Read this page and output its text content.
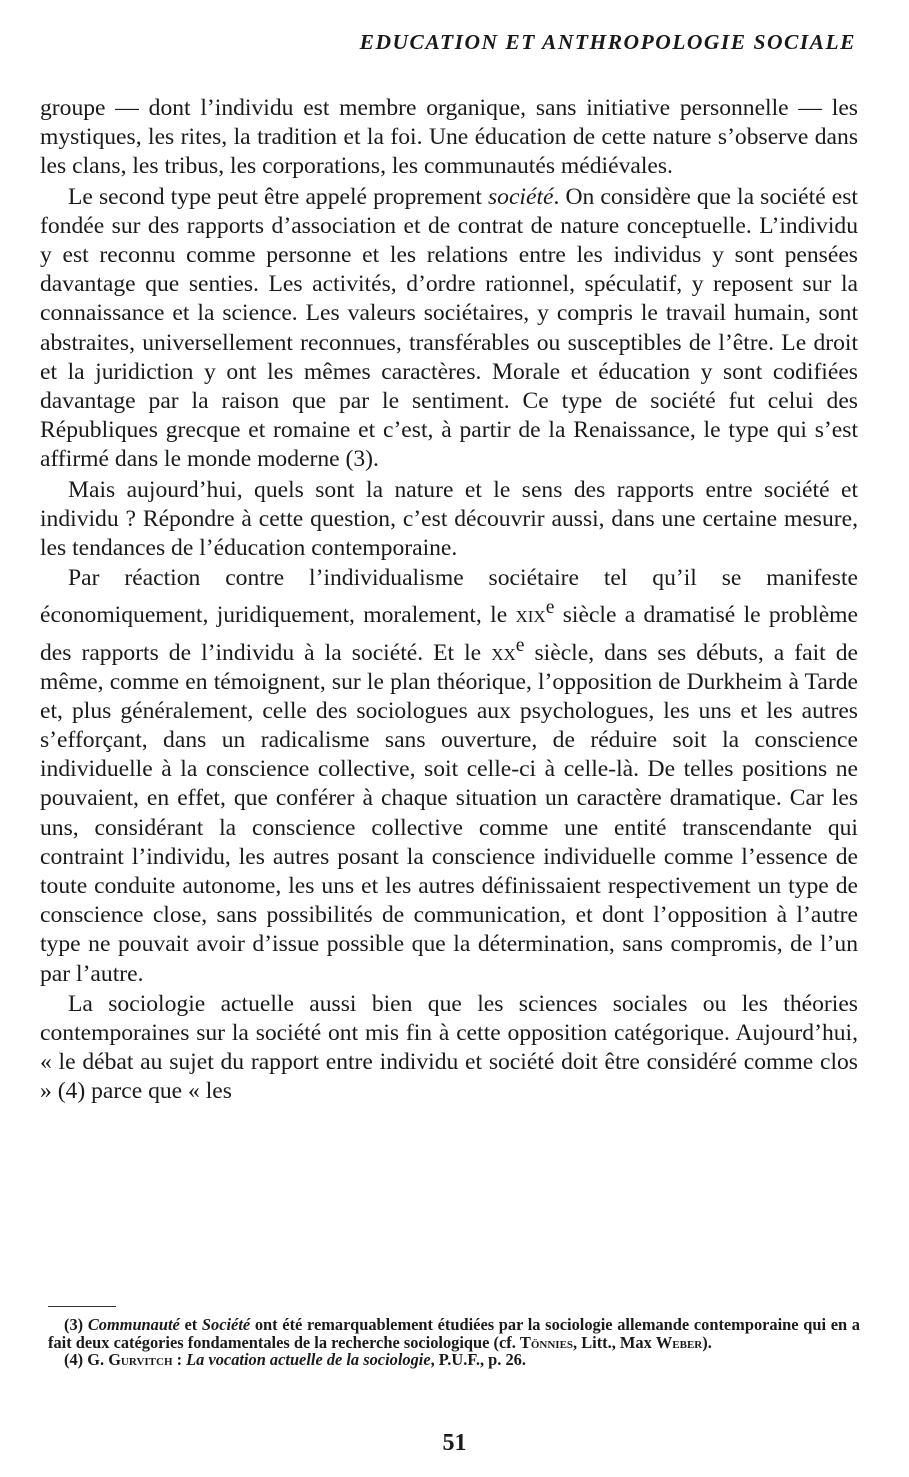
EDUCATION ET ANTHROPOLOGIE SOCIALE

groupe — dont l’individu est membre organique, sans initiative personnelle — les mystiques, les rites, la tradition et la foi. Une éducation de cette nature s’observe dans les clans, les tribus, les corporations, les communautés médiévales.

Le second type peut être appelé proprement société. On considère que la société est fondée sur des rapports d’association et de contrat de nature conceptuelle. L’individu y est reconnu comme personne et les relations entre les individus y sont pensées davantage que senties. Les activités, d’ordre rationnel, spéculatif, y reposent sur la connaissance et la science. Les valeurs sociétaires, y compris le travail humain, sont abstraites, universellement reconnues, transférables ou susceptibles de l’être. Le droit et la juridiction y ont les mêmes caractères. Morale et éducation y sont codifiées davantage par la raison que par le sentiment. Ce type de société fut celui des Républiques grecque et romaine et c’est, à partir de la Renaissance, le type qui s’est affirmé dans le monde moderne (3).

Mais aujourd’hui, quels sont la nature et le sens des rapports entre société et individu ? Répondre à cette question, c’est découvrir aussi, dans une certaine mesure, les tendances de l’éducation contemporaine.

Par réaction contre l’individualisme sociétaire tel qu’il se manifeste économiquement, juridiquement, moralement, le xix$^e$ siècle a dramatisé le problème des rapports de l’individu à la société. Et le $xx^e$ siècle, dans ses débuts, a fait de même, comme en témoignent, sur le plan théorique, l’opposition de Durkheim à Tarde et, plus généralement, celle des sociologues aux psychologues, les uns et les autres s’efforçant, dans un radicalisme sans ouverture, de réduire soit la conscience individuelle à la conscience collective, soit celle-ci à celle-là. De telles positions ne pouvaient, en effet, que conférer à chaque situation un caractère dramatique. Car les uns, considérant la conscience collective comme une entité transcendante qui contraint l’individu, les autres posant la conscience individuelle comme l’essence de toute conduite autonome, les uns et les autres définissaient respectivement un type de conscience close, sans possibilités de communication, et dont l’opposition à l’autre type ne pouvait avoir d’issue possible que la détermination, sans compromis, de l’un par l’autre.

La sociologie actuelle aussi bien que les sciences sociales ou les théories contemporaines sur la société ont mis fin à cette opposition catégorique. Aujourd’hui, « le débat au sujet du rapport entre individu et société doit être considéré comme clos » (4) parce que « les

(3) Communauté et Société ont été remarquablement étudiées par la sociologie allemande contemporaine qui en a fait deux catégories fondamentales de la recherche sociologique (cf. Tönnies, Litt., Max Weber).

(4) G. Gurvitch : La vocation actuelle de la sociologie, P.U.F., p. 26.

51
